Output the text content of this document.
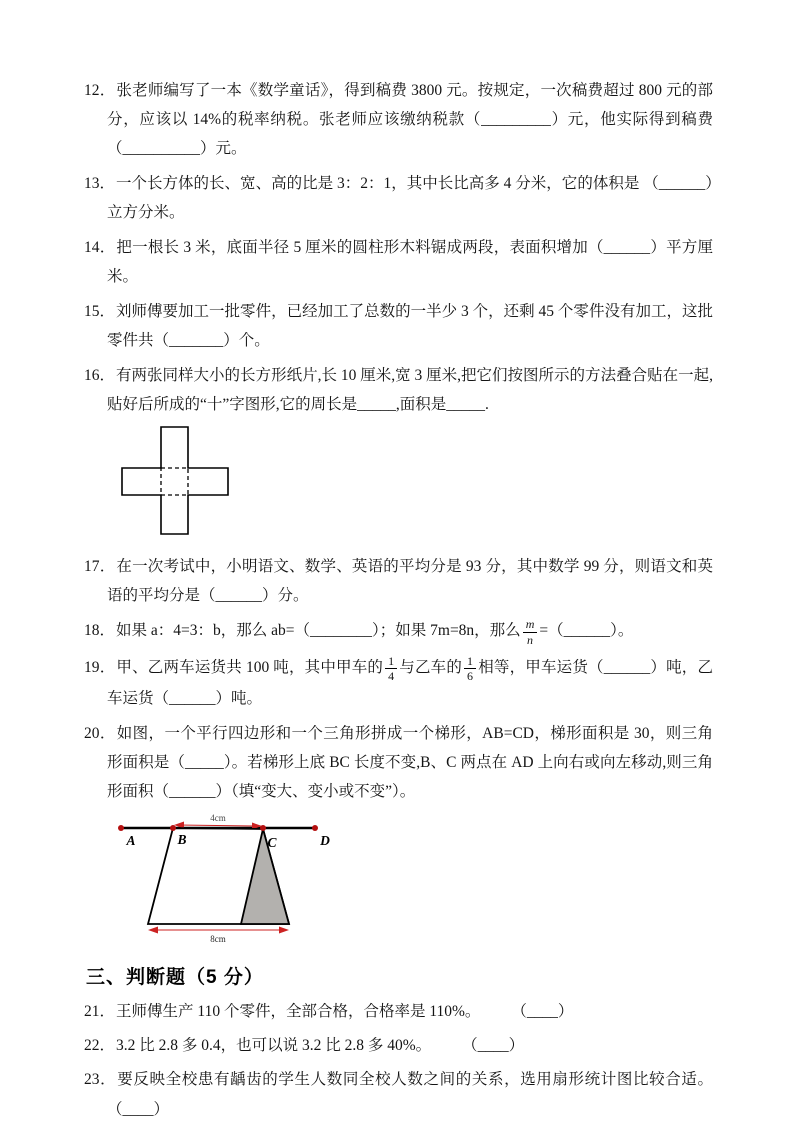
12．张老师编写了一本《数学童话》，得到稿费 3800 元。按规定，一次稿费超过 800 元的部分，应该以 14%的税率纳税。张老师应该缴纳税款（_________）元，他实际得到稿费（__________）元。
13．一个长方体的长、宽、高的比是 3：2：1，其中长比高多 4 分米，它的体积是 （______）立方分米。
14．把一根长 3 米，底面半径 5 厘米的圆柱形木料锯成两段，表面积增加（______）平方厘米。
15．刘师傅要加工一批零件，已经加工了总数的一半少 3 个，还剩 45 个零件没有加工，这批零件共（_______）个。
16．有两张同样大小的长方形纸片,长 10 厘米,宽 3 厘米,把它们按图所示的方法叠合贴在一起,贴好后所成的“十”字图形,它的周长是_____,面积是_____.
17．在一次考试中，小明语文、数学、英语的平均分是 93 分，其中数学 99 分，则语文和英语的平均分是（______）分。
18．如果 a：4=3：b，那么 ab=（________）；如果 7m=8n，那么 $\frac{m}{n}$ =（______）。
19．甲、乙两车运货共 100 吨，其中甲车的 $\frac{1}{4}$ 与乙车的 $\frac{1}{6}$ 相等，甲车运货（______）吨，乙车运货（______）吨。
20．如图，一个平行四边形和一个三角形拼成一个梯形，AB=CD，梯形面积是 30，则三角形面积是（_____）。若梯形上底 BC 长度不变,B、C 两点在 AD 上向右或向左移动,则三角形面积（______）（填“变大、变小或不变”）。
4cm
A	B	C	D
8cm
三、判断题（5 分）
21．王师傅生产 110 个零件，全部合格，合格率是 110%。　　　（____）
22．3.2 比 2.8 多 0.4，也可以说 3.2 比 2.8 多 40%。　　　（____）
23．要反映全校患有龋齿的学生人数同全校人数之间的关系，选用扇形统计图比较合适。（____）
